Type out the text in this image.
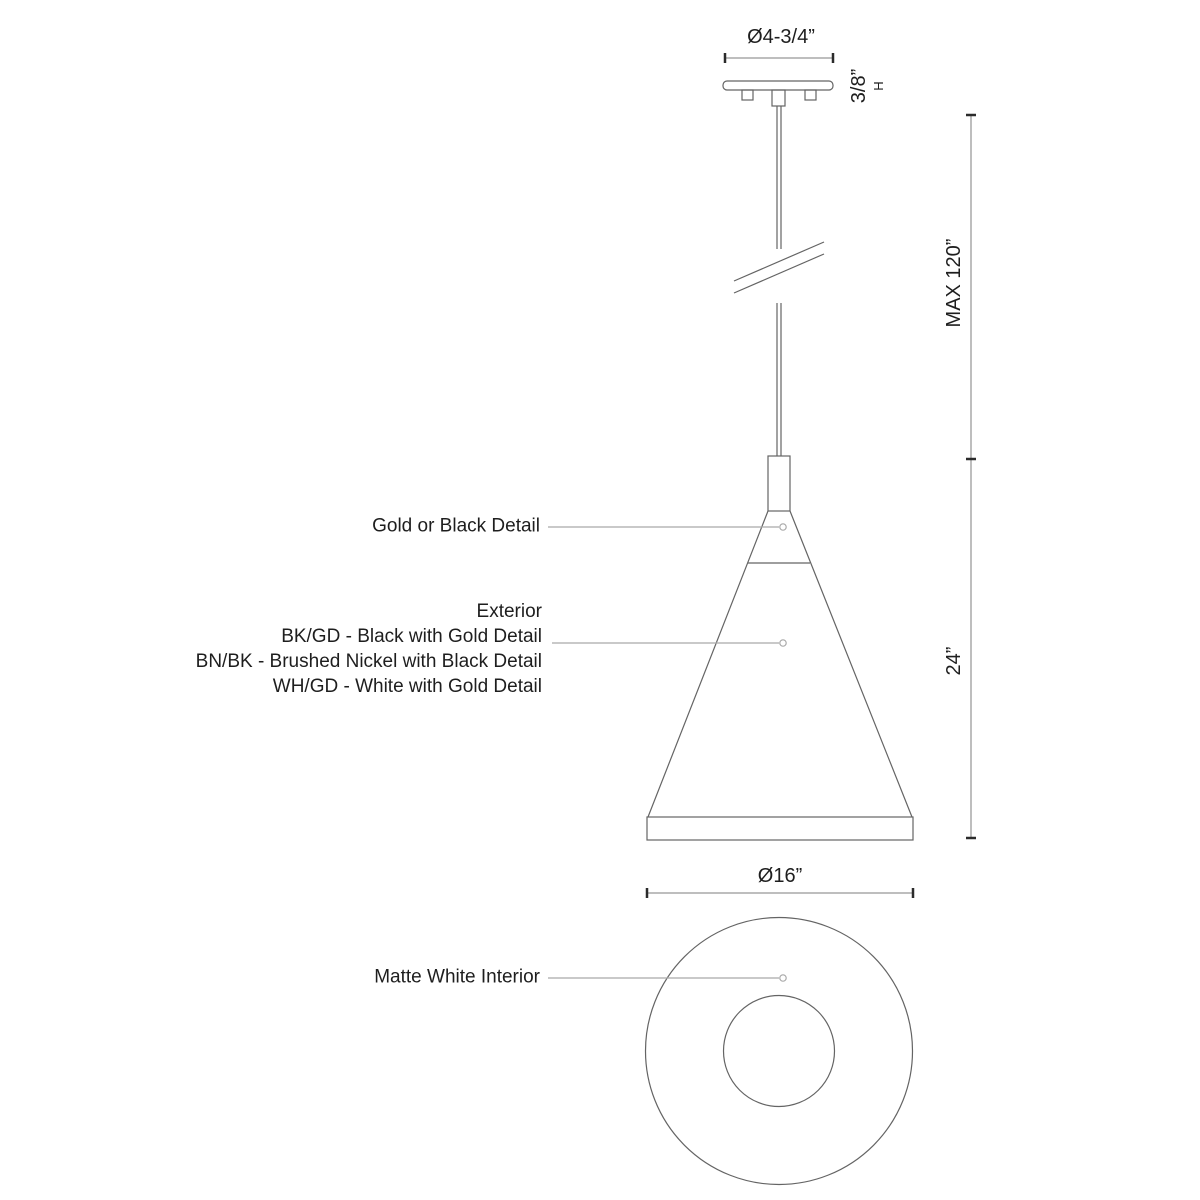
Ø4-3/4”
3/8” H
MAX 120”
24”
Ø16”
Gold or Black Detail
Exterior
BK/GD - Black with Gold Detail
BN/BK - Brushed Nickel with Black Detail
WH/GD - White with Gold Detail
Matte White Interior
